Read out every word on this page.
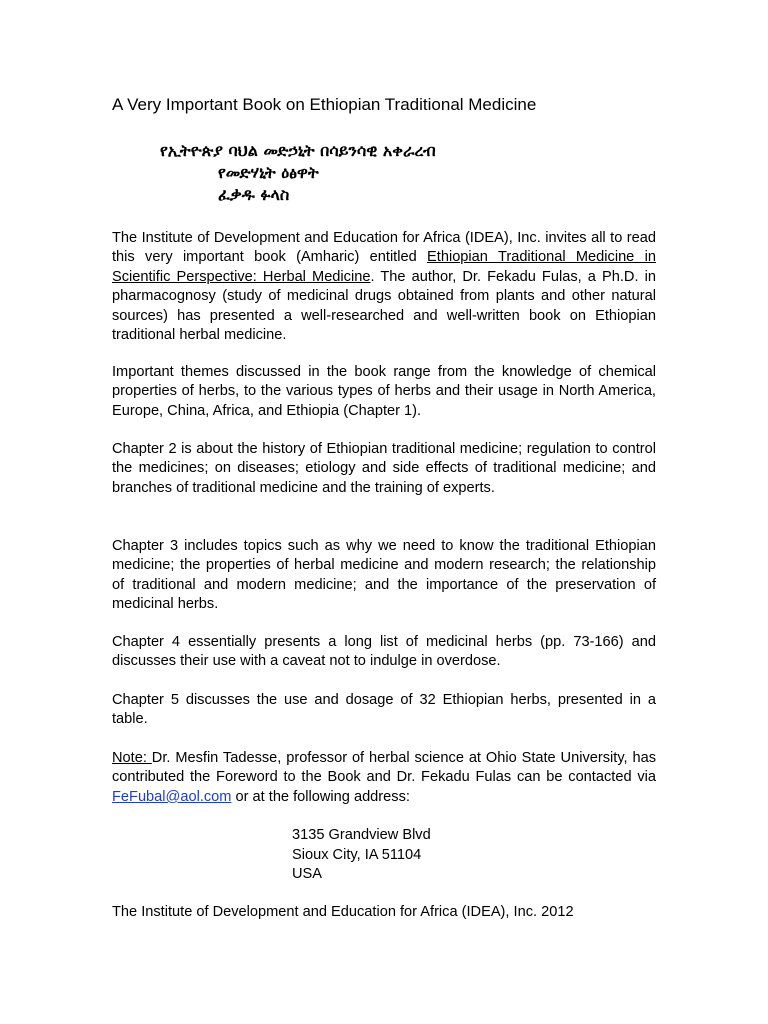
A Very Important Book on Ethiopian Traditional Medicine
የኢትዮጵያ ባህል መድኃኒት በሳይንሳዊ አቀራረብ
የመድሃኒት ዕፅዋት
ፈቃዱ ፉላስ

The Institute of Development and Education for Africa (IDEA), Inc. invites all to read this very important book (Amharic) entitled Ethiopian Traditional Medicine in Scientific Perspective: Herbal Medicine. The author, Dr. Fekadu Fulas, a Ph.D. in pharmacognosy (study of medicinal drugs obtained from plants and other natural sources) has presented a well-researched and well-written book on Ethiopian traditional herbal medicine.

Important themes discussed in the book range from the knowledge of chemical properties of herbs, to the various types of herbs and their usage in North America, Europe, China, Africa, and Ethiopia (Chapter 1).

Chapter 2 is about the history of Ethiopian traditional medicine; regulation to control the medicines; on diseases; etiology and side effects of traditional medicine; and branches of traditional medicine and the training of experts.

Chapter 3 includes topics such as why we need to know the traditional Ethiopian medicine; the properties of herbal medicine and modern research; the relationship of traditional and modern medicine; and the importance of the preservation of medicinal herbs.

Chapter 4 essentially presents a long list of medicinal herbs (pp. 73-166) and discusses their use with a caveat not to indulge in overdose.

Chapter 5 discusses the use and dosage of 32 Ethiopian herbs, presented in a table.

Note: Dr. Mesfin Tadesse, professor of herbal science at Ohio State University, has contributed the Foreword to the Book and Dr. Fekadu Fulas can be contacted via FeFubal@aol.com or at the following address:

3135 Grandview Blvd
Sioux City, IA 51104
USA
The Institute of Development and Education for Africa (IDEA), Inc. 2012
